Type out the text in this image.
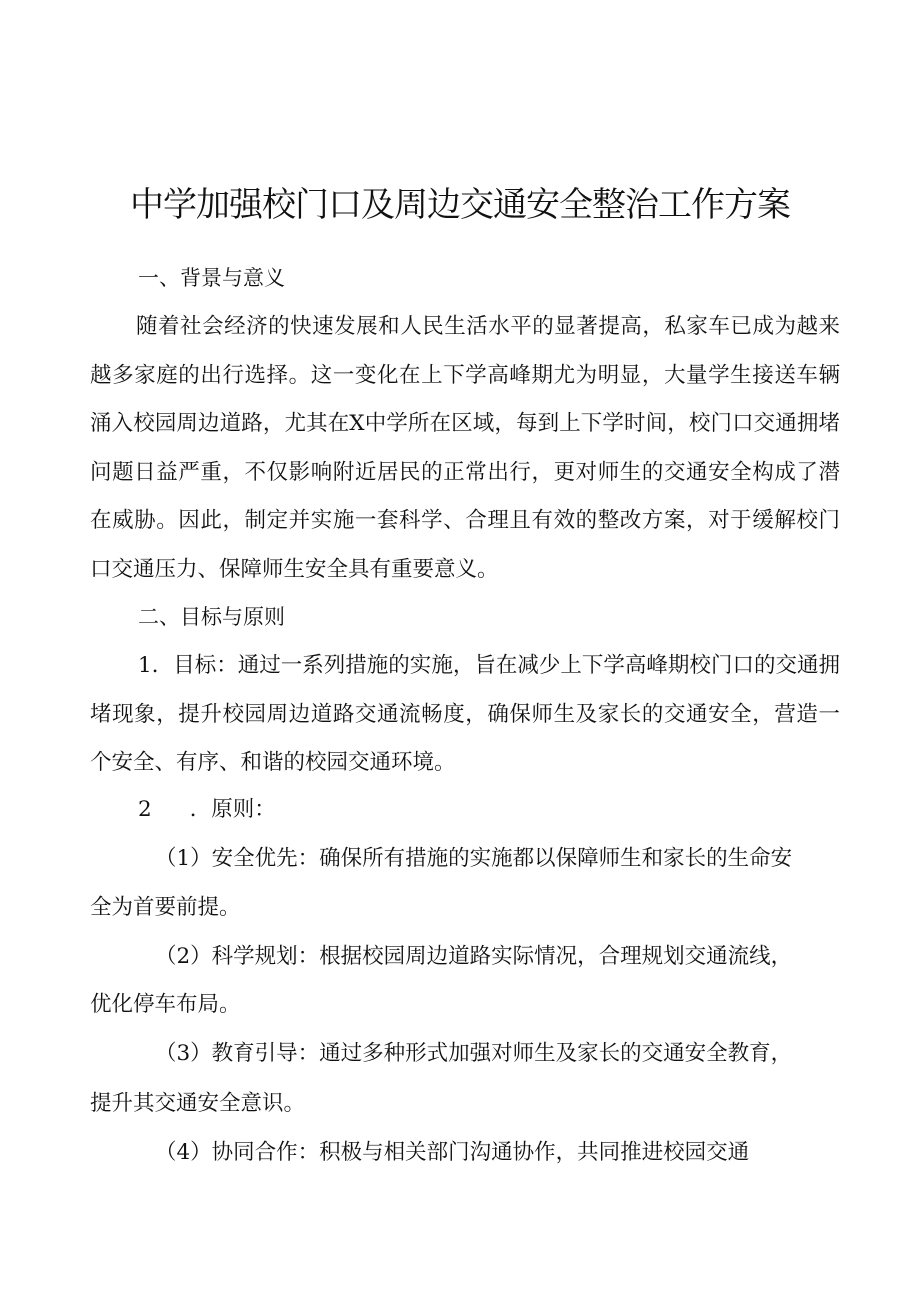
中学加强校门口及周边交通安全整治工作方案
一、背景与意义

随着社会经济的快速发展和人民生活水平的显著提高，私家车已成为越来越多家庭的出行选择。这一变化在上下学高峰期尤为明显，大量学生接送车辆涌入校园周边道路，尤其在X中学所在区域，每到上下学时间，校门口交通拥堵问题日益严重，不仅影响附近居民的正常出行，更对师生的交通安全构成了潜在威胁。因此，制定并实施一套科学、合理且有效的整改方案，对于缓解校门口交通压力、保障师生安全具有重要意义。

二、目标与原则

1．目标：通过一系列措施的实施，旨在减少上下学高峰期校门口的交通拥堵现象，提升校园周边道路交通流畅度，确保师生及家长的交通安全，营造一个安全、有序、和谐的校园交通环境。

2 ．原则：
（1）安全优先：确保所有措施的实施都以保障师生和家长的生命安
全为首要前提。
（2）科学规划：根据校园周边道路实际情况，合理规划交通流线，
优化停车布局。
（3）教育引导：通过多种形式加强对师生及家长的交通安全教育，
提升其交通安全意识。
（4）协同合作：积极与相关部门沟通协作，共同推进校园交通
